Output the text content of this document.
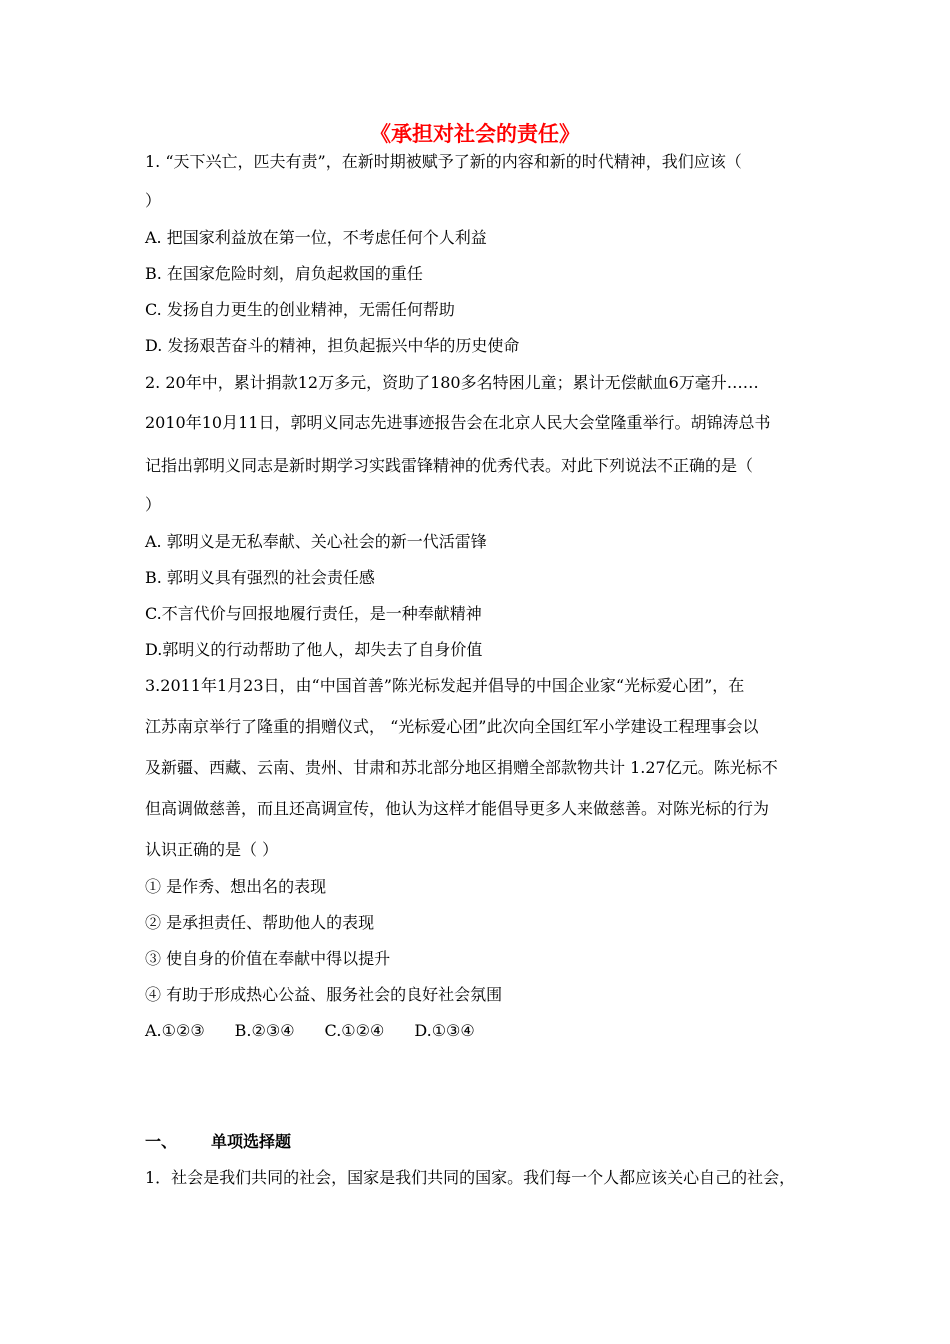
《承担对社会的责任》
1. “天下兴亡，匹夫有责”，在新时期被赋予了新的内容和新的时代精神，我们应该（
）
A. 把国家利益放在第一位，不考虑任何个人利益
B. 在国家危险时刻，肩负起救国的重任
C. 发扬自力更生的创业精神，无需任何帮助
D. 发扬艰苦奋斗的精神，担负起振兴中华的历史使命
2. 20年中，累计捐款12万多元，资助了180多名特困儿童；累计无偿献血6万毫升……
2010年10月11日，郭明义同志先进事迹报告会在北京人民大会堂隆重举行。胡锦涛总书
记指出郭明义同志是新时期学习实践雷锋精神的优秀代表。对此下列说法不正确的是（
）
A. 郭明义是无私奉献、关心社会的新一代活雷锋
B. 郭明义具有强烈的社会责任感
C.不言代价与回报地履行责任，是一种奉献精神
D.郭明义的行动帮助了他人，却失去了自身价值
3.2011年1月23日，由“中国首善”陈光标发起并倡导的中国企业家“光标爱心团”，在
江苏南京举行了隆重的捐赠仪式， “光标爱心团”此次向全国红军小学建设工程理事会以
及新疆、西藏、云南、贵州、甘肃和苏北部分地区捐赠全部款物共计 1.27亿元。陈光标不
但高调做慈善，而且还高调宣传，他认为这样才能倡导更多人来做慈善。对陈光标的行为
认识正确的是（ ）
① 是作秀、想出名的表现
② 是承担责任、帮助他人的表现
③ 使自身的价值在奉献中得以提升
④ 有助于形成热心公益、服务社会的良好社会氛围
A.①②③ B.②③④ C.①②④ D.①③④
一、 单项选择题
1．社会是我们共同的社会，国家是我们共同的国家。我们每一个人都应该关心自己的社会，
